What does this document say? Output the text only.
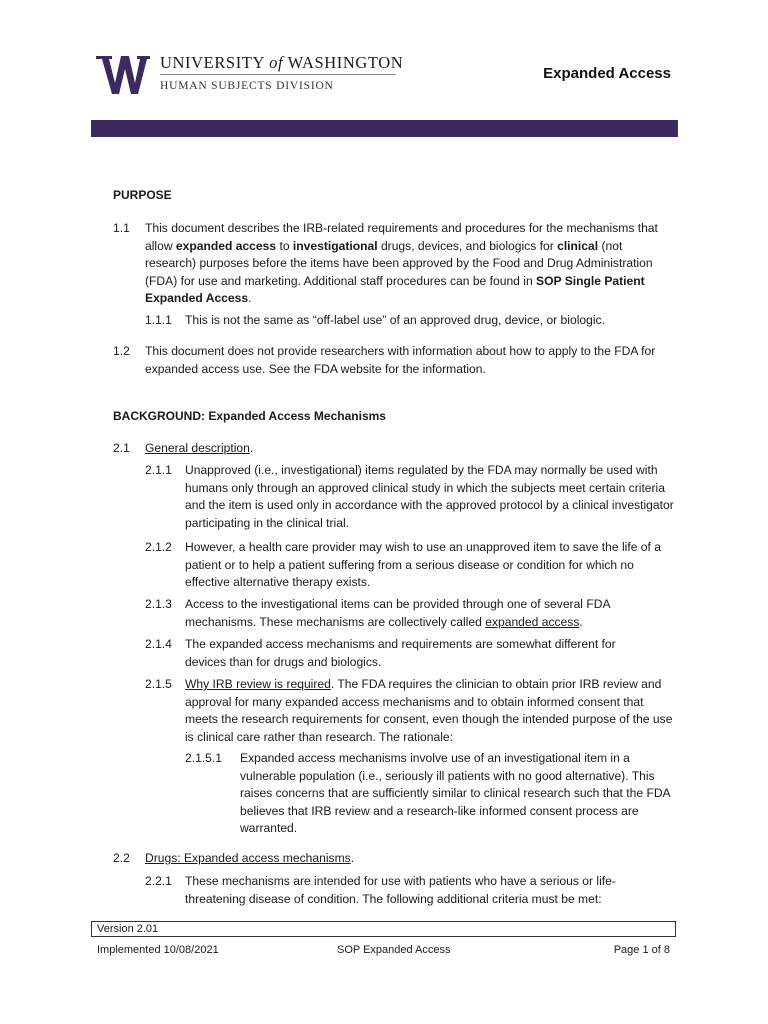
UNIVERSITY of WASHINGTON
HUMAN SUBJECTS DIVISION
Expanded Access
PURPOSE
1.1 This document describes the IRB-related requirements and procedures for the mechanisms that allow expanded access to investigational drugs, devices, and biologics for clinical (not research) purposes before the items have been approved by the Food and Drug Administration (FDA) for use and marketing. Additional staff procedures can be found in SOP Single Patient Expanded Access.
1.1.1 This is not the same as “off-label use” of an approved drug, device, or biologic.
1.2 This document does not provide researchers with information about how to apply to the FDA for expanded access use. See the FDA website for the information.
BACKGROUND: Expanded Access Mechanisms
2.1 General description.
2.1.1 Unapproved (i.e., investigational) items regulated by the FDA may normally be used with humans only through an approved clinical study in which the subjects meet certain criteria and the item is used only in accordance with the approved protocol by a clinical investigator participating in the clinical trial.
2.1.2 However, a health care provider may wish to use an unapproved item to save the life of a patient or to help a patient suffering from a serious disease or condition for which no effective alternative therapy exists.
2.1.3 Access to the investigational items can be provided through one of several FDA mechanisms. These mechanisms are collectively called expanded access.
2.1.4 The expanded access mechanisms and requirements are somewhat different for devices than for drugs and biologics.
2.1.5 Why IRB review is required. The FDA requires the clinician to obtain prior IRB review and approval for many expanded access mechanisms and to obtain informed consent that meets the research requirements for consent, even though the intended purpose of the use is clinical care rather than research. The rationale:
2.1.5.1 Expanded access mechanisms involve use of an investigational item in a vulnerable population (i.e., seriously ill patients with no good alternative). This raises concerns that are sufficiently similar to clinical research such that the FDA believes that IRB review and a research-like informed consent process are warranted.
2.2 Drugs: Expanded access mechanisms.
2.2.1 These mechanisms are intended for use with patients who have a serious or life-threatening disease of condition. The following additional criteria must be met:
Version 2.01
Implemented 10/08/2021	SOP Expanded Access	Page 1 of 8
